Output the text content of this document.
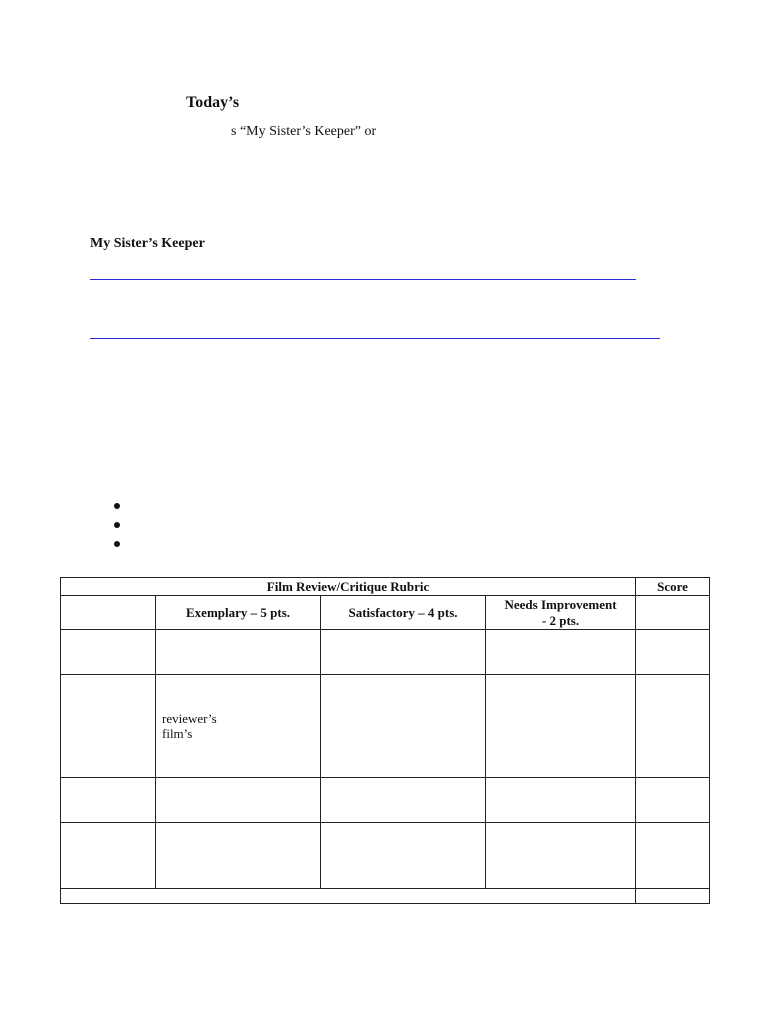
Today’s
s “My Sister’s Keeper” or
My Sister’s Keeper
Film Review/Critique Rubric				Score
	Exemplary – 5 pts.	Satisfactory – 4 pts.	Needs Improvement
- 2 pts.	

	reviewer’s
film’s			
